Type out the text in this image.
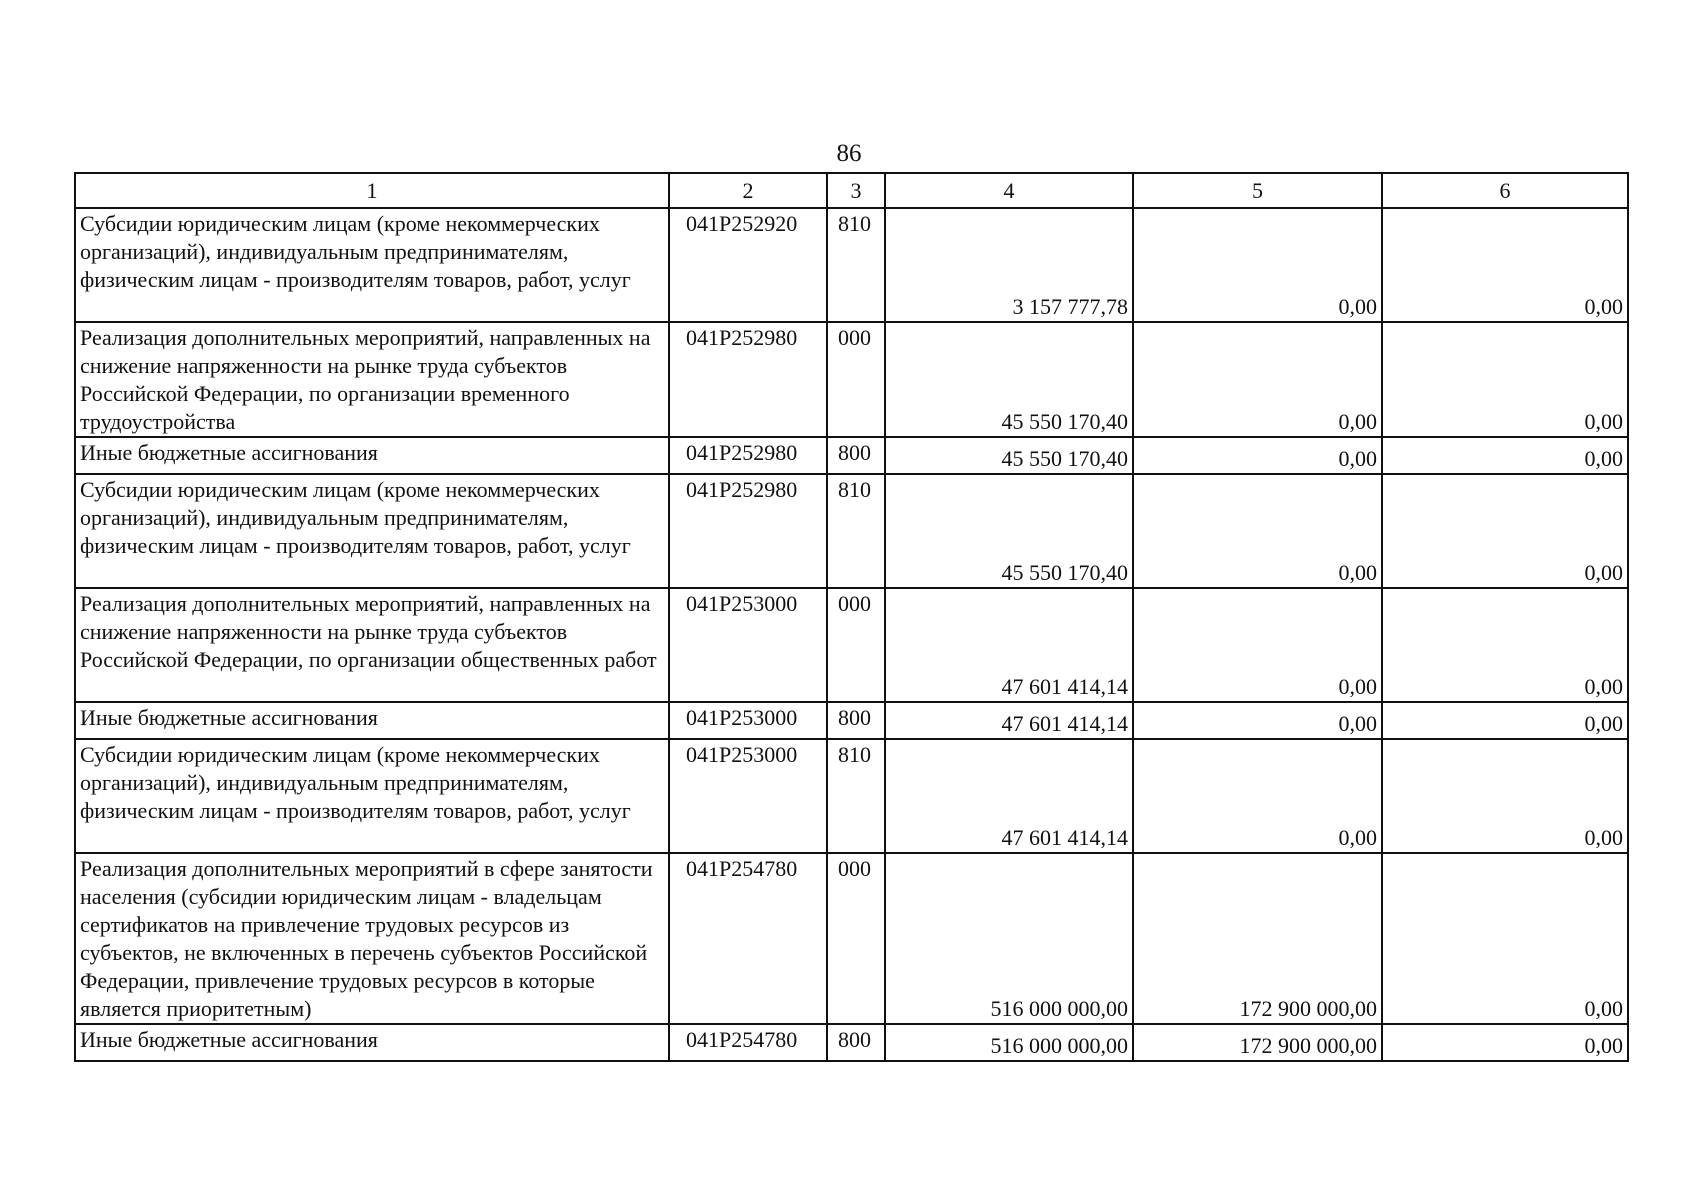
86
1	2	3	4	5	6
Субсидии юридическим лицам (кроме некоммерческих организаций), индивидуальным предпринимателям, физическим лицам - производителям товаров, работ, услуг	041P252920	810	3 157 777,78	0,00	0,00
Реализация дополнительных мероприятий, направленных на снижение напряженности на рынке труда субъектов Российской Федерации, по организации временного трудоустройства	041P252980	000	45 550 170,40	0,00	0,00
Иные бюджетные ассигнования	041P252980	800	45 550 170,40	0,00	0,00
Субсидии юридическим лицам (кроме некоммерческих организаций), индивидуальным предпринимателям, физическим лицам - производителям товаров, работ, услуг	041P252980	810	45 550 170,40	0,00	0,00
Реализация дополнительных мероприятий, направленных на снижение напряженности на рынке труда субъектов Российской Федерации, по организации общественных работ	041P253000	000	47 601 414,14	0,00	0,00
Иные бюджетные ассигнования	041P253000	800	47 601 414,14	0,00	0,00
Субсидии юридическим лицам (кроме некоммерческих организаций), индивидуальным предпринимателям, физическим лицам - производителям товаров, работ, услуг	041P253000	810	47 601 414,14	0,00	0,00
Реализация дополнительных мероприятий в сфере занятости населения (субсидии юридическим лицам - владельцам сертификатов на привлечение трудовых ресурсов из субъектов, не включенных в перечень субъектов Российской Федерации, привлечение трудовых ресурсов в которые является приоритетным)	041P254780	000	516 000 000,00	172 900 000,00	0,00
Иные бюджетные ассигнования	041P254780	800	516 000 000,00	172 900 000,00	0,00
